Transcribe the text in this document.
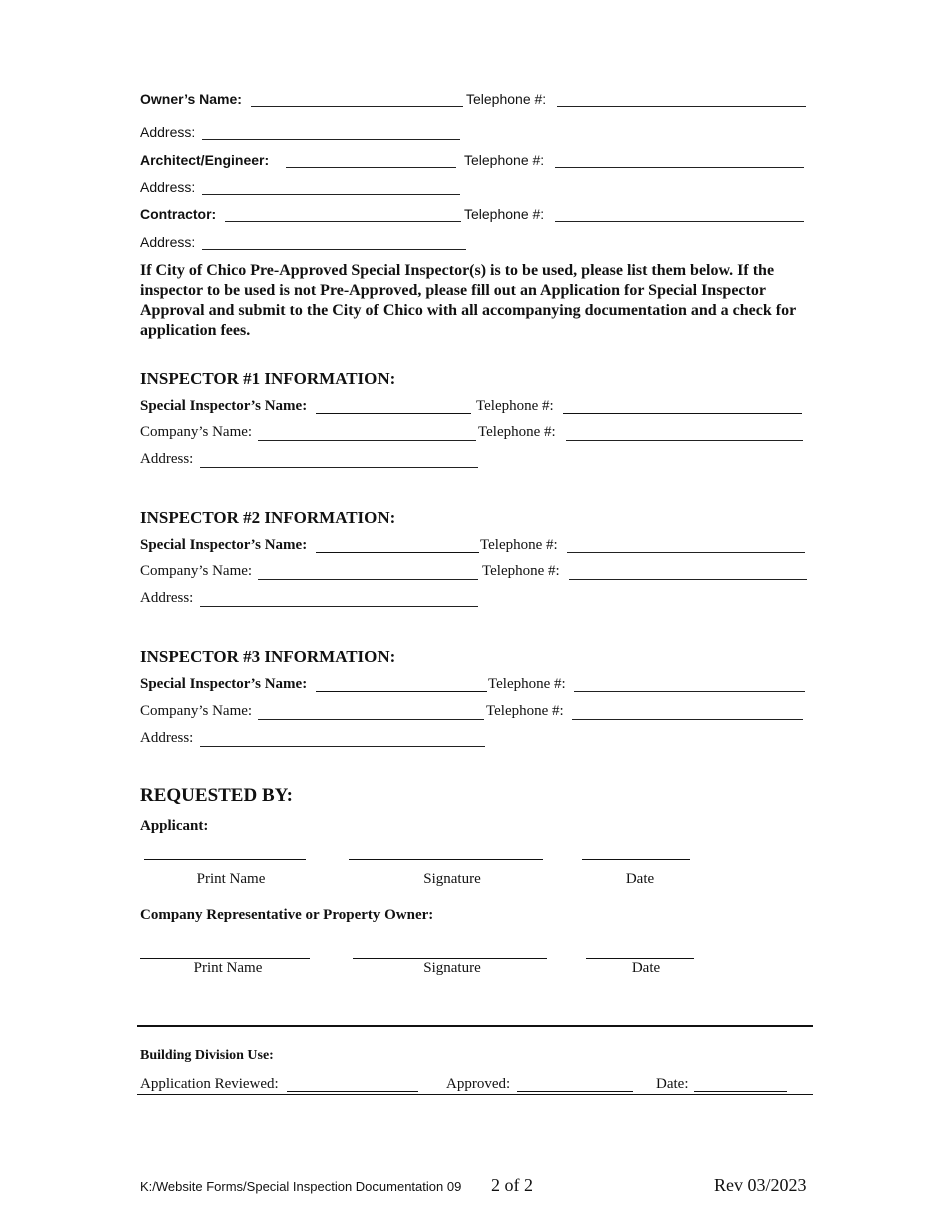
Owner’s Name:	Telephone #:
Address:
Architect/Engineer:	Telephone #:
Address:
Contractor:	Telephone #:
Address:
If City of Chico Pre-Approved Special Inspector(s) is to be used, please list them below. If the inspector to be used is not Pre-Approved, please fill out an Application for Special Inspector Approval and submit to the City of Chico with all accompanying documentation and a check for application fees.
INSPECTOR #1 INFORMATION:
Special Inspector’s Name:	Telephone #:
Company’s Name:	Telephone #:
Address:
INSPECTOR #2 INFORMATION:
Special Inspector’s Name:	Telephone #:
Company’s Name:	Telephone #:
Address:
INSPECTOR #3 INFORMATION:
Special Inspector’s Name:	Telephone #:
Company’s Name:	Telephone #:
Address:
REQUESTED BY:
Applicant:
Print Name	Signature	Date
Company Representative or Property Owner:
Print Name	Signature	Date
Building Division Use:
Application Reviewed:	Approved:	Date:
K:/Website Forms/Special Inspection Documentation 09 2 of 2	Rev 03/2023
